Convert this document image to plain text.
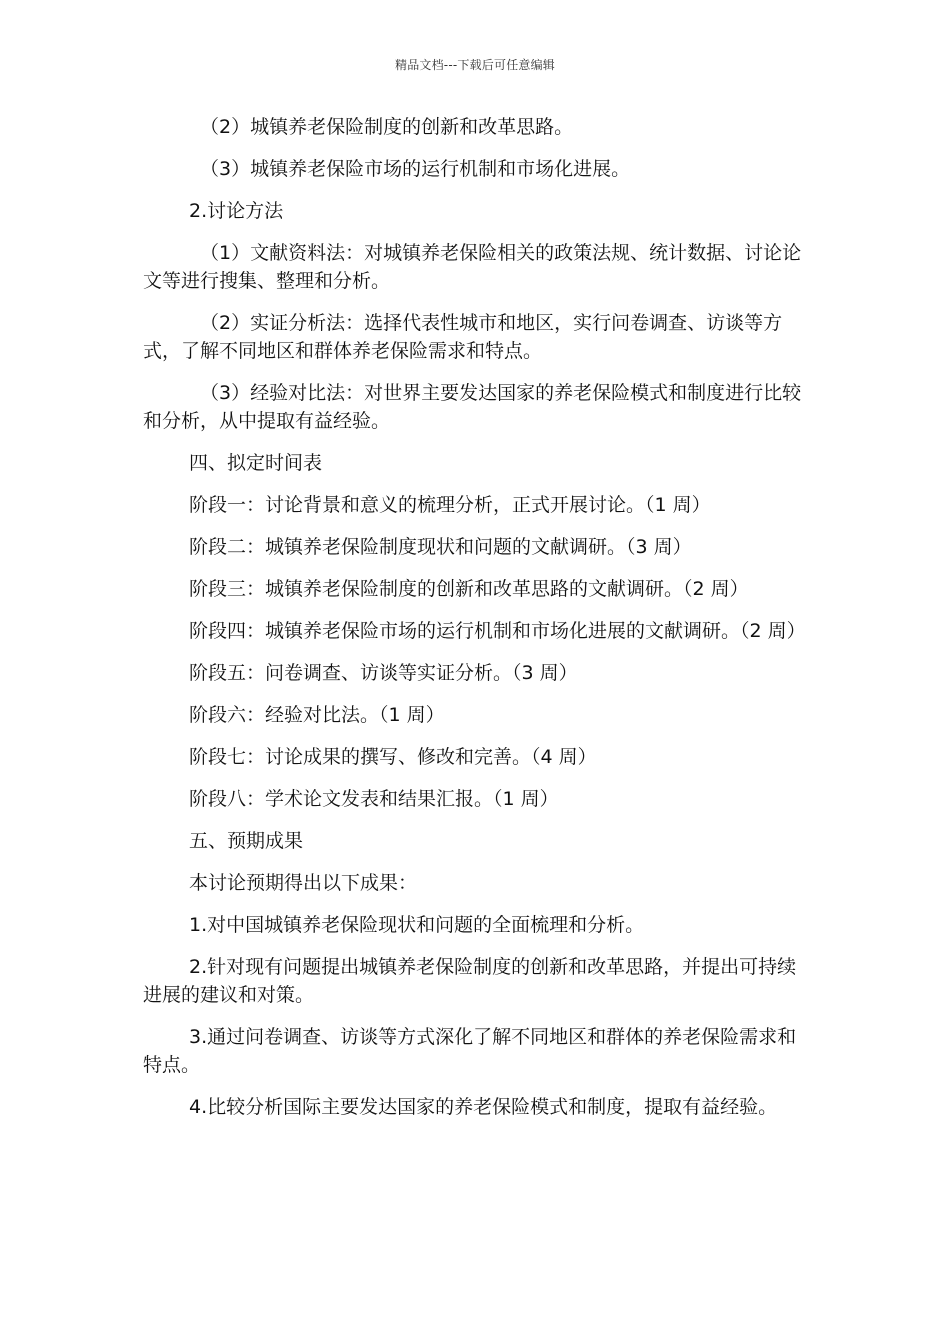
精品文档---下载后可任意编辑

（2）城镇养老保险制度的创新和改革思路。

（3）城镇养老保险市场的运行机制和市场化进展。

2.讨论方法

（1）文献资料法：对城镇养老保险相关的政策法规、统计数据、讨论论文等进行搜集、整理和分析。

（2）实证分析法：选择代表性城市和地区，实行问卷调查、访谈等方式，了解不同地区和群体养老保险需求和特点。

（3）经验对比法：对世界主要发达国家的养老保险模式和制度进行比较和分析，从中提取有益经验。

四、拟定时间表

阶段一：讨论背景和意义的梳理分析，正式开展讨论。（1 周）

阶段二：城镇养老保险制度现状和问题的文献调研。（3 周）

阶段三：城镇养老保险制度的创新和改革思路的文献调研。（2 周）

阶段四：城镇养老保险市场的运行机制和市场化进展的文献调研。（2 周）

阶段五：问卷调查、访谈等实证分析。（3 周）

阶段六：经验对比法。（1 周）

阶段七：讨论成果的撰写、修改和完善。（4 周）

阶段八：学术论文发表和结果汇报。（1 周）

五、预期成果

本讨论预期得出以下成果：

1.对中国城镇养老保险现状和问题的全面梳理和分析。

2.针对现有问题提出城镇养老保险制度的创新和改革思路，并提出可持续进展的建议和对策。

3.通过问卷调查、访谈等方式深化了解不同地区和群体的养老保险需求和特点。

4.比较分析国际主要发达国家的养老保险模式和制度，提取有益经验。
